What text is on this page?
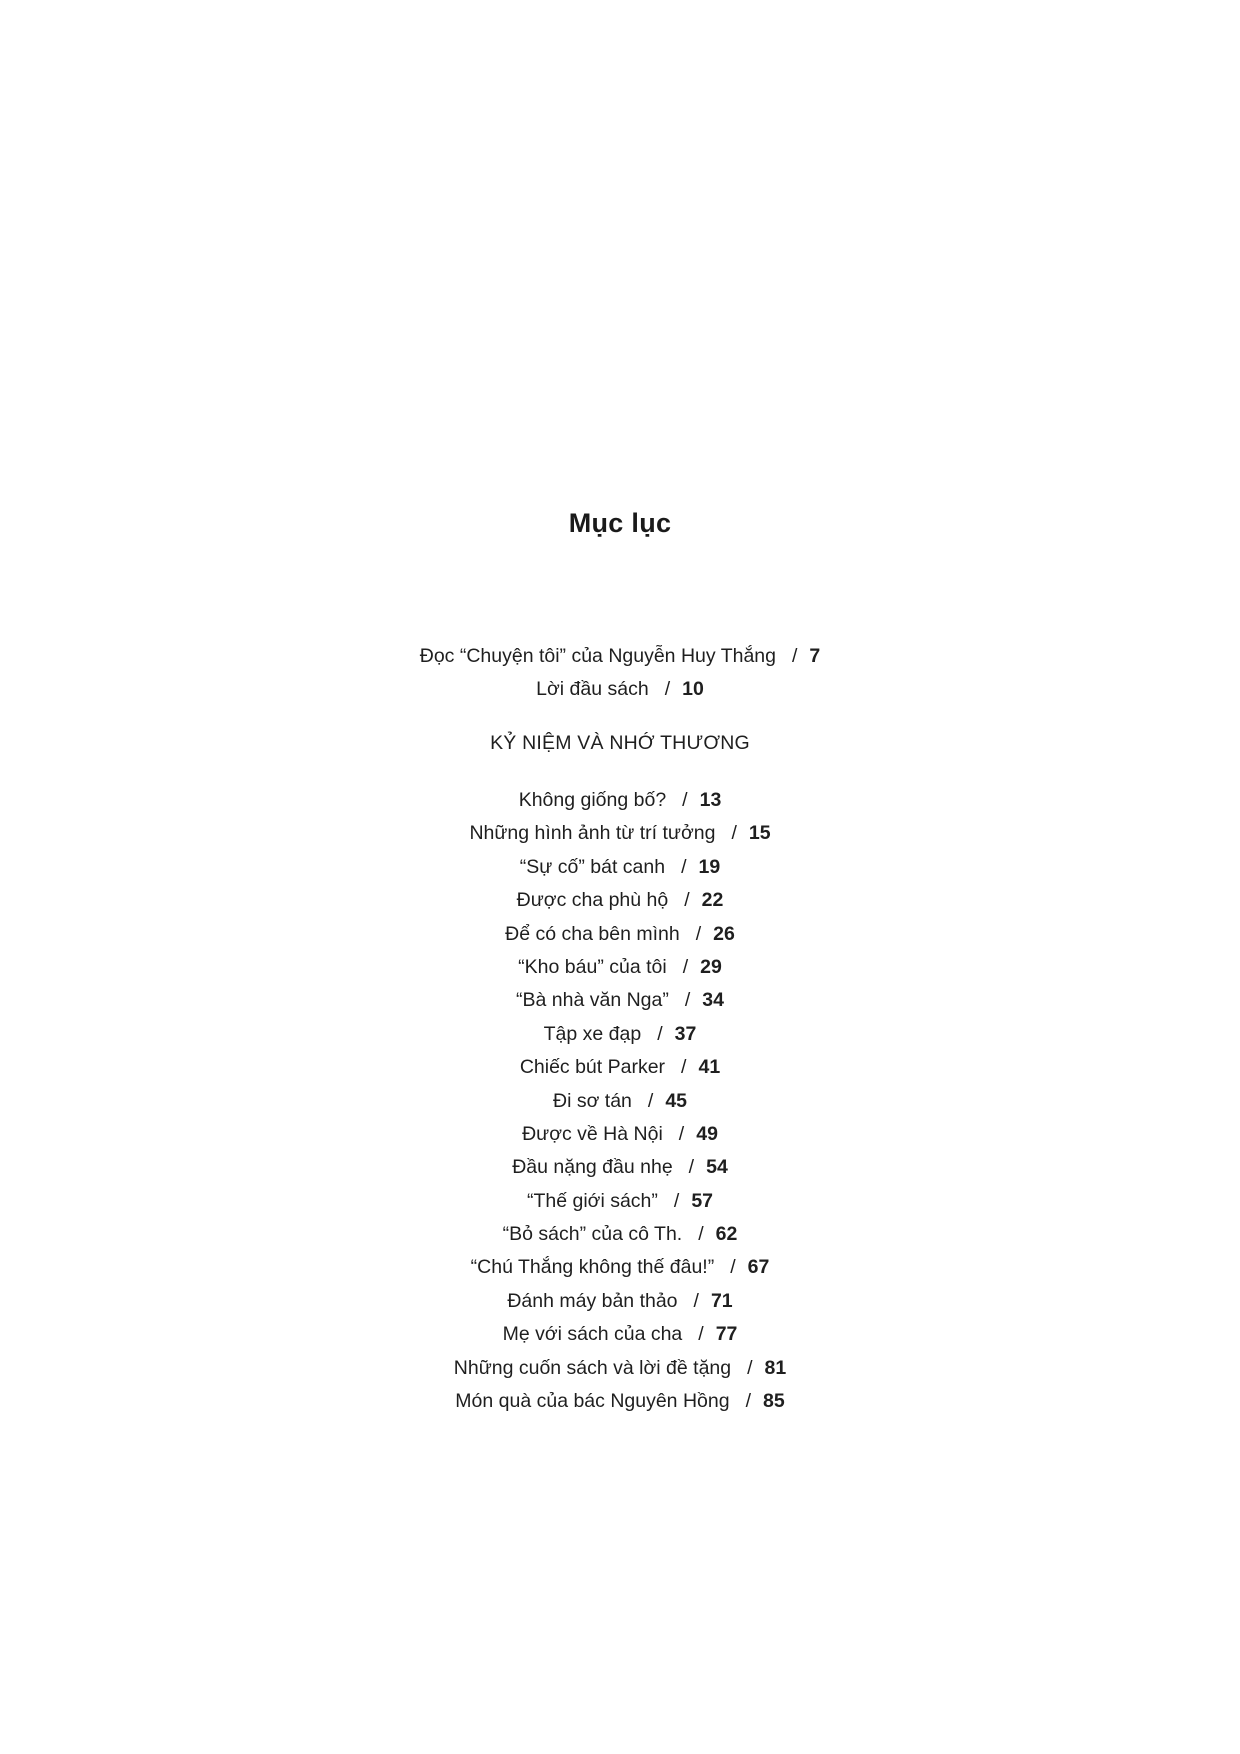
Mục lục
Đọc “Chuyện tôi” của Nguyễn Huy Thắng / 7
Lời đầu sách / 10
KỶ NIỆM VÀ NHỚ THƯƠNG
Không giống bố? / 13
Những hình ảnh từ trí tưởng / 15
“Sự cố” bát canh / 19
Được cha phù hộ / 22
Để có cha bên mình / 26
“Kho báu” của tôi / 29
“Bà nhà văn Nga” / 34
Tập xe đạp / 37
Chiếc bút Parker / 41
Đi sơ tán / 45
Được về Hà Nội / 49
Đầu nặng đầu nhẹ / 54
“Thế giới sách” / 57
“Bỏ sách” của cô Th. / 62
“Chú Thắng không thế đâu!” / 67
Đánh máy bản thảo / 71
Mẹ với sách của cha / 77
Những cuốn sách và lời đề tặng / 81
Món quà của bác Nguyên Hồng / 85
